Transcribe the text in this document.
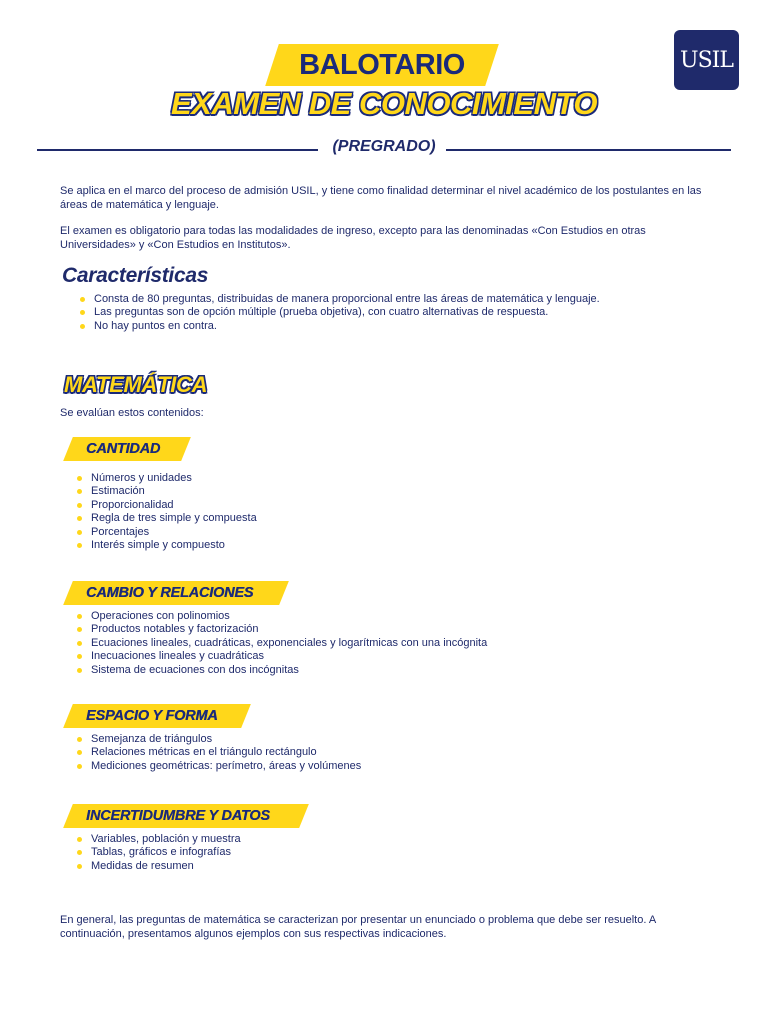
BALOTARIO
EXAMEN DE CONOCIMIENTO
USIL
(PREGRADO)
Se aplica en el marco del proceso de admisión USIL, y tiene como finalidad determinar el nivel académico de los postulantes en las áreas de matemática y lenguaje.
El examen es obligatorio para todas las modalidades de ingreso, excepto para las denominadas «Con Estudios en otras Universidades» y «Con Estudios en Institutos».
Características
Consta de 80 preguntas, distribuidas de manera proporcional entre las áreas de matemática y lenguaje.
Las preguntas son de opción múltiple (prueba objetiva), con cuatro alternativas de respuesta.
No hay puntos en contra.
MATEMÁTICA
Se evalúan estos contenidos:
CANTIDAD
Números y unidades
Estimación
Proporcionalidad
Regla de tres simple y compuesta
Porcentajes
Interés simple y compuesto
CAMBIO Y RELACIONES
Operaciones con polinomios
Productos notables y factorización
Ecuaciones lineales, cuadráticas, exponenciales y logarítmicas con una incógnita
Inecuaciones lineales y cuadráticas
Sistema de ecuaciones con dos incógnitas
ESPACIO Y FORMA
Semejanza de triángulos
Relaciones métricas en el triángulo rectángulo
Mediciones geométricas: perímetro, áreas y volúmenes
INCERTIDUMBRE Y DATOS
Variables, población y muestra
Tablas, gráficos e infografías
Medidas de resumen
En general, las preguntas de matemática se caracterizan por presentar un enunciado o problema que debe ser resuelto. A continuación, presentamos algunos ejemplos con sus respectivas indicaciones.
